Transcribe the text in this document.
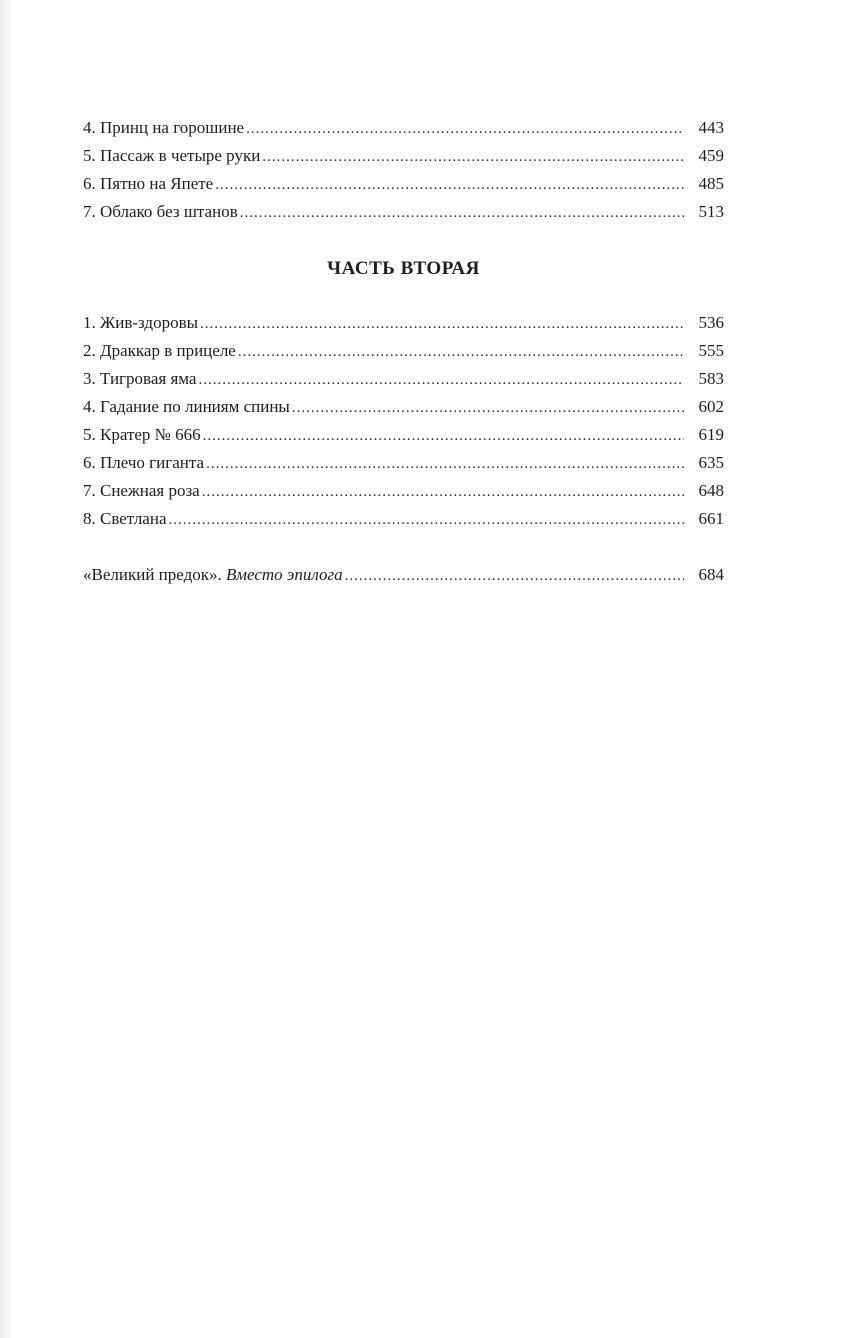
4. Принц на горошине .....	443
5. Пассаж в четыре руки .....	459
6. Пятно на Япете .....	485
7. Облако без штанов .....	513
ЧАСТЬ ВТОРАЯ
1. Жив-здоровы .....	536
2. Драккар в прицеле .....	555
3. Тигровая яма .....	583
4. Гадание по линиям спины .....	602
5. Кратер № 666 .....	619
6. Плечо гиганта .....	635
7. Снежная роза .....	648
8. Светлана .....	661
«Великий предок». Вместо эпилога .....	684
